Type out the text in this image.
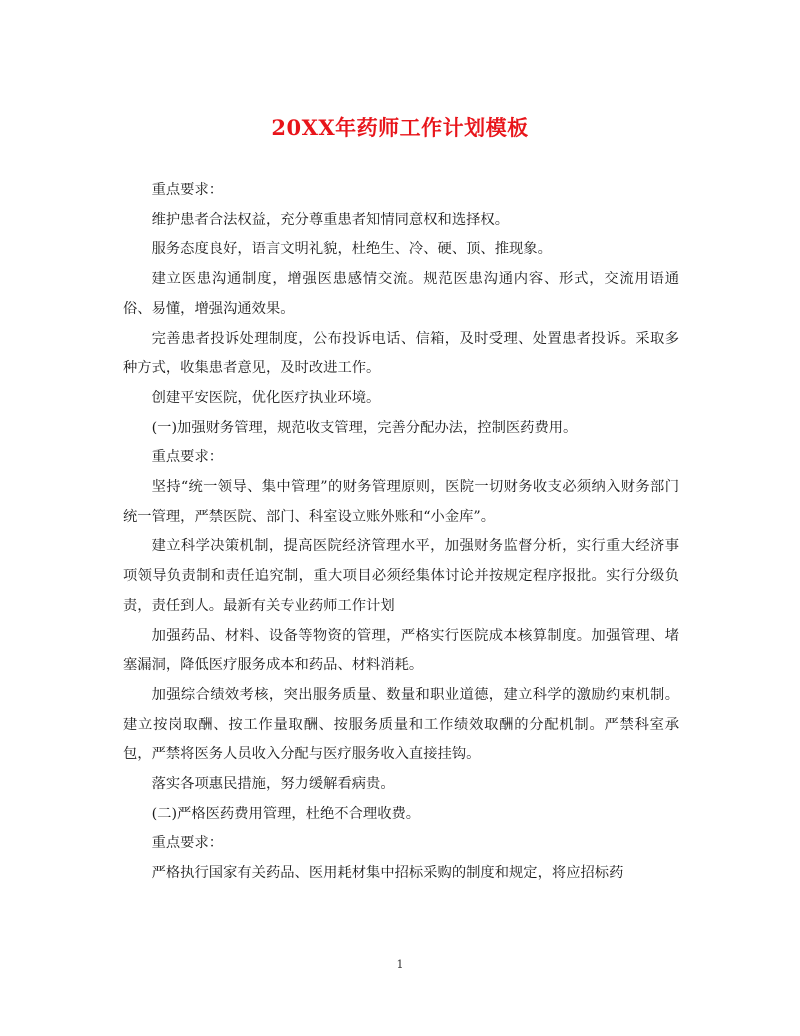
20XX年药师工作计划模板

重点要求：

维护患者合法权益，充分尊重患者知情同意权和选择权。

服务态度良好，语言文明礼貌，杜绝生、冷、硬、顶、推现象。

建立医患沟通制度，增强医患感情交流。规范医患沟通内容、形式，交流用语通俗、易懂，增强沟通效果。

完善患者投诉处理制度，公布投诉电话、信箱，及时受理、处置患者投诉。采取多种方式，收集患者意见，及时改进工作。

创建平安医院，优化医疗执业环境。

(一)加强财务管理，规范收支管理，完善分配办法，控制医药费用。

重点要求：

坚持“统一领导、集中管理”的财务管理原则，医院一切财务收支必须纳入财务部门统一管理，严禁医院、部门、科室设立账外账和“小金库”。

建立科学决策机制，提高医院经济管理水平，加强财务监督分析，实行重大经济事项领导负责制和责任追究制，重大项目必须经集体讨论并按规定程序报批。实行分级负责，责任到人。最新有关专业药师工作计划

加强药品、材料、设备等物资的管理，严格实行医院成本核算制度。加强管理、堵塞漏洞，降低医疗服务成本和药品、材料消耗。

加强综合绩效考核，突出服务质量、数量和职业道德，建立科学的激励约束机制。建立按岗取酬、按工作量取酬、按服务质量和工作绩效取酬的分配机制。严禁科室承包，严禁将医务人员收入分配与医疗服务收入直接挂钩。

落实各项惠民措施，努力缓解看病贵。

(二)严格医药费用管理，杜绝不合理收费。

重点要求：

严格执行国家有关药品、医用耗材集中招标采购的制度和规定，将应招标药

1
